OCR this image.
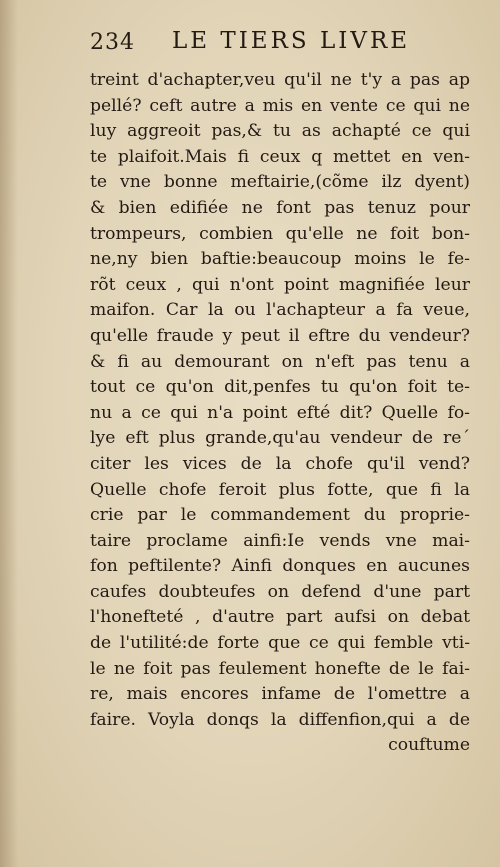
234 LE TIERS LIVRE
treint d'achapter,veu qu'il ne t'y a pas ap
pellé? ceft autre a mis en vente ce qui ne
luy aggreoit pas,& tu as achapté ce qui
te plaifoit.Mais fi ceux q mettet en ven-
te vne bonne meftairie,(cõme ilz dyent)
& bien edifiée ne font pas tenuz pour
trompeurs, combien qu'elle ne foit bon-
ne,ny bien baftie:beaucoup moins le fe-
rõt ceux , qui n'ont point magnifiée leur
maifon. Car la ou l'achapteur a fa veue,
qu'elle fraude y peut il eftre du vendeur?
& fi au demourant on n'eft pas tenu a
tout ce qu'on dit,penfes tu qu'on foit te-
nu a ce qui n'a point efté dit? Quelle fo-
lye eft plus grande,qu'au vendeur de re´
citer les vices de la chofe qu'il vend?
Quelle chofe feroit plus fotte, que fi la
crie par le commandement du proprie-
taire proclame ainfi:Ie vends vne mai-
fon peftilente? Ainfi donques en aucunes
caufes doubteufes on defend d'une part
l'honefteté , d'autre part aufsi on debat
de l'utilité:de forte que ce qui femble vti-
le ne foit pas feulement honefte de le fai-
re, mais encores infame de l'omettre a
faire. Voyla donqs la diffenfion,qui a de
couftume
